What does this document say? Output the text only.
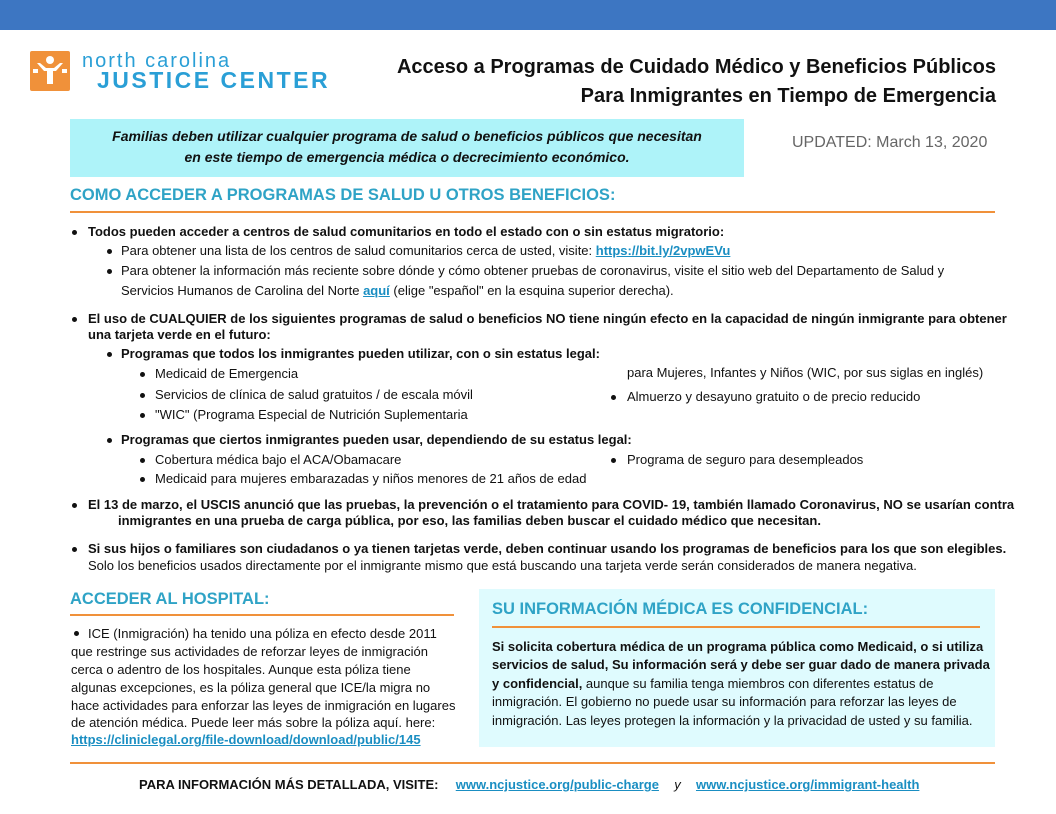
north carolina
JUSTICE CENTER	Acceso a Programas de Cuidado Médico y Beneficios Públicos
Para Inmigrantes en Tiempo de Emergencia
Familias deben utilizar cualquier programa de salud o beneficios públicos que necesitan
en este tiempo de emergencia médica o decrecimiento económico.
UPDATED: March 13, 2020
COMO ACCEDER A PROGRAMAS DE SALUD U OTROS BENEFICIOS:
Todos pueden acceder a centros de salud comunitarios en todo el estado con o sin estatus migratorio:
Para obtener una lista de los centros de salud comunitarios cerca de usted, visite: https://bit.ly/2vpwEVu
Para obtener la información más reciente sobre dónde y cómo obtener pruebas de coronavirus, visite el sitio web del Departamento de Salud y
Servicios Humanos de Carolina del Norte aquí (elige "español" en la esquina superior derecha).
El uso de CUALQUIER de los siguientes programas de salud o beneficios NO tiene ningún efecto en la capacidad de ningún inmigrante para obtener
una tarjeta verde en el futuro:
Programas que todos los inmigrantes pueden utilizar, con o sin estatus legal:
Medicaid de Emergencia
Servicios de clínica de salud gratuitos / de escala móvil
"WIC" (Programa Especial de Nutrición Suplementaria
para Mujeres, Infantes y Niños (WIC, por sus siglas en inglés)
Almuerzo y desayuno gratuito o de precio reducido
Programas que ciertos inmigrantes pueden usar, dependiendo de su estatus legal:
Cobertura médica bajo el ACA/Obamacare
Medicaid para mujeres embarazadas y niños menores de 21 años de edad
Programa de seguro para desempleados
El 13 de marzo, el USCIS anunció que las pruebas, la prevención o el tratamiento para COVID- 19, también llamado Coronavirus, NO se usarían contra
inmigrantes en una prueba de carga pública, por eso, las familias deben buscar el cuidado médico que necesitan.
Si sus hijos o familiares son ciudadanos o ya tienen tarjetas verde, deben continuar usando los programas de beneficios para los que son elegibles.
Solo los beneficios usados directamente por el inmigrante mismo que está buscando una tarjeta verde serán considerados de manera negativa.
ACCEDER AL HOSPITAL:
ICE (Inmigración) ha tenido una póliza en efecto desde 2011
que restringe sus actividades de reforzar leyes de inmigración
cerca o adentro de los hospitales. Aunque esta póliza tiene
algunas excepciones, es la póliza general que ICE/la migra no
hace actividades para enforzar las leyes de inmigración en lugares
de atención médica. Puede leer más sobre la póliza aquí. here:
https://cliniclegal.org/file-download/download/public/145
SU INFORMACIÓN MÉDICA ES CONFIDENCIAL:
Si solicita cobertura médica de un programa pública como Medicaid, o si utiliza
servicios de salud, Su información será y debe ser guar dado de manera privada
y confidencial, aunque su familia tenga miembros con diferentes estatus de
inmigración. El gobierno no puede usar su información para reforzar las leyes de
inmigración. Las leyes protegen la información y la privacidad de usted y su familia.
PARA INFORMACIÓN MÁS DETALLADA, VISITE: www.ncjustice.org/public-charge y www.ncjustice.org/immigrant-health
